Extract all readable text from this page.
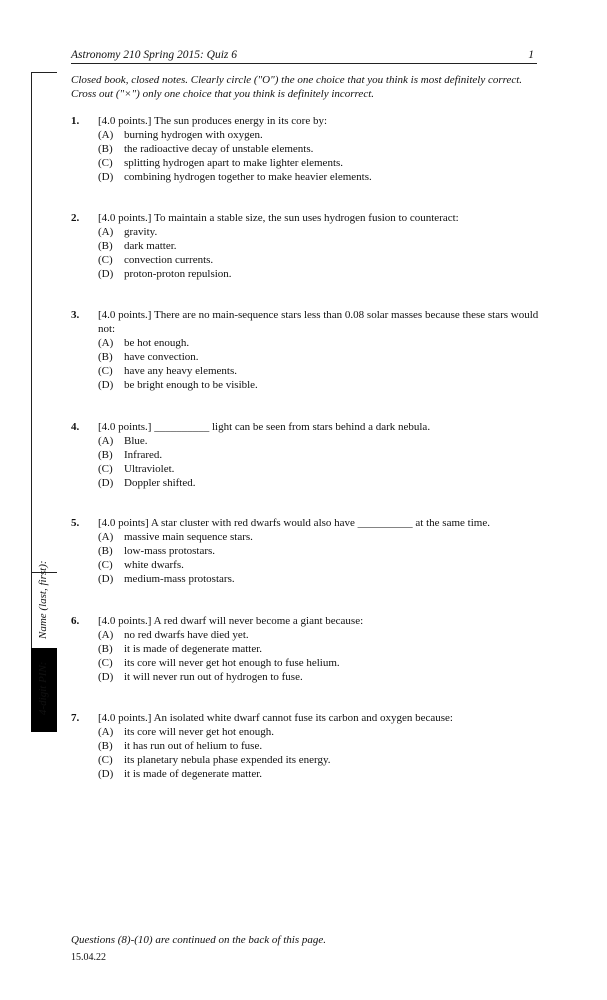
Astronomy 210 Spring 2015: Quiz 6	1
Name (last, first):
4-digit PIN:
Quiz 6
Closed book, closed notes. Clearly circle ("O") the one choice that you think is most definitely correct. Cross out ("×") only one choice that you think is definitely incorrect.
1. [4.0 points.] The sun produces energy in its core by:
(A) burning hydrogen with oxygen.
(B) the radioactive decay of unstable elements.
(C) splitting hydrogen apart to make lighter elements.
(D) combining hydrogen together to make heavier elements.
2. [4.0 points.] To maintain a stable size, the sun uses hydrogen fusion to counteract:
(A) gravity.
(B) dark matter.
(C) convection currents.
(D) proton-proton repulsion.
3. [4.0 points.] There are no main-sequence stars less than 0.08 solar masses because these stars would not:
(A) be hot enough.
(B) have convection.
(C) have any heavy elements.
(D) be bright enough to be visible.
4. [4.0 points.] __________ light can be seen from stars behind a dark nebula.
(A) Blue.
(B) Infrared.
(C) Ultraviolet.
(D) Doppler shifted.
5. [4.0 points] A star cluster with red dwarfs would also have __________ at the same time.
(A) massive main sequence stars.
(B) low-mass protostars.
(C) white dwarfs.
(D) medium-mass protostars.
6. [4.0 points.] A red dwarf will never become a giant because:
(A) no red dwarfs have died yet.
(B) it is made of degenerate matter.
(C) its core will never get hot enough to fuse helium.
(D) it will never run out of hydrogen to fuse.
7. [4.0 points.] An isolated white dwarf cannot fuse its carbon and oxygen because:
(A) its core will never get hot enough.
(B) it has run out of helium to fuse.
(C) its planetary nebula phase expended its energy.
(D) it is made of degenerate matter.
Questions (8)-(10) are continued on the back of this page.
15.04.22
